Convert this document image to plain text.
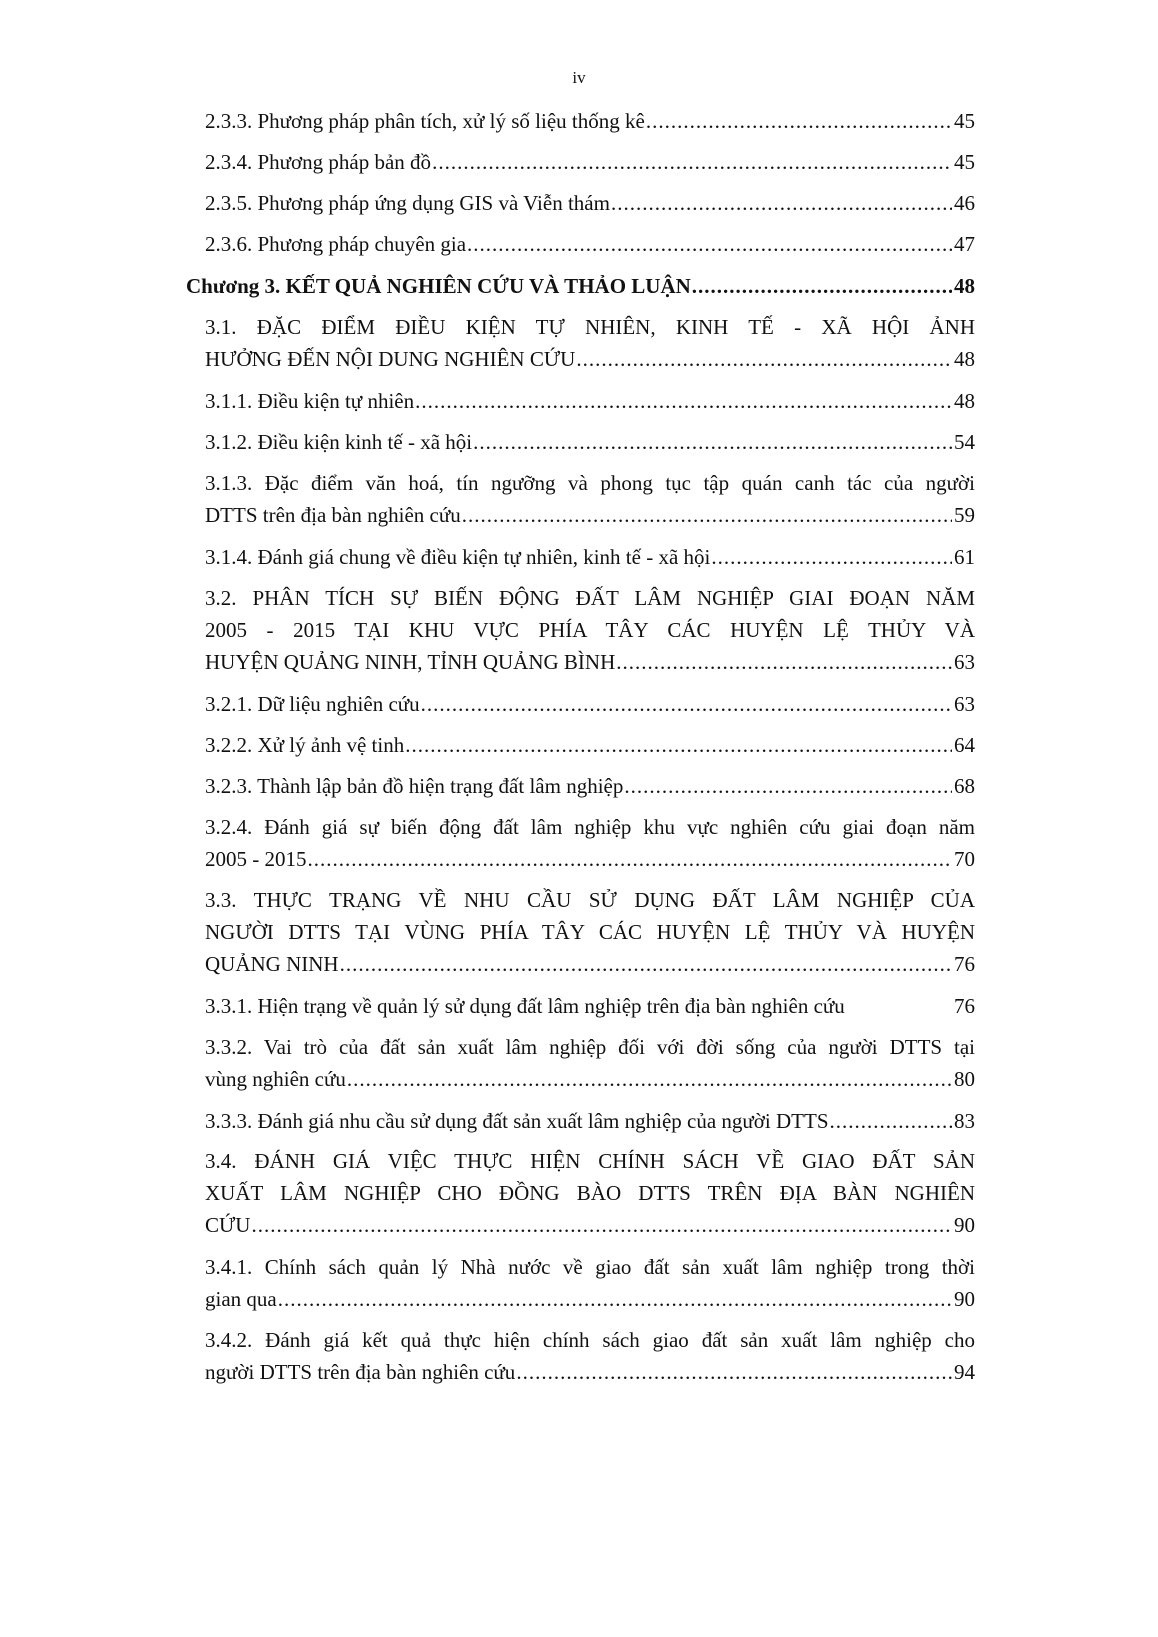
iv
2.3.3. Phương pháp phân tích, xử lý số liệu thống kê .....	45
2.3.4. Phương pháp bản đồ .....	45
2.3.5. Phương pháp ứng dụng GIS và Viễn thám .....	46
2.3.6. Phương pháp chuyên gia .....	47
Chương 3. KẾT QUẢ NGHIÊN CỨU VÀ THẢO LUẬN .....	48
3.1. ĐẶC ĐIỂM ĐIỀU KIỆN TỰ NHIÊN, KINH TẾ - XÃ HỘI ẢNH
HƯỞNG ĐẾN NỘI DUNG NGHIÊN CỨU .....	48
3.1.1. Điều kiện tự nhiên .....	48
3.1.2. Điều kiện kinh tế - xã hội .....	54
3.1.3. Đặc điểm văn hoá, tín ngưỡng và phong tục tập quán canh tác của người
DTTS trên địa bàn nghiên cứu .....	59
3.1.4. Đánh giá chung về điều kiện tự nhiên, kinh tế - xã hội .....	61
3.2. PHÂN TÍCH SỰ BIẾN ĐỘNG ĐẤT LÂM NGHIỆP GIAI ĐOẠN NĂM
2005 - 2015 TẠI KHU VỰC PHÍA TÂY CÁC HUYỆN LỆ THỦY VÀ
HUYỆN QUẢNG NINH, TỈNH QUẢNG BÌNH .....	63
3.2.1. Dữ liệu nghiên cứu .....	63
3.2.2. Xử lý ảnh vệ tinh .....	64
3.2.3. Thành lập bản đồ hiện trạng đất lâm nghiệp .....	68
3.2.4. Đánh giá sự biến động đất lâm nghiệp khu vực nghiên cứu giai đoạn năm
2005 - 2015 .....	70
3.3. THỰC TRẠNG VỀ NHU CẦU SỬ DỤNG ĐẤT LÂM NGHIỆP CỦA
NGƯỜI DTTS TẠI VÙNG PHÍA TÂY CÁC HUYỆN LỆ THỦY VÀ HUYỆN
QUẢNG NINH .....	76
3.3.1. Hiện trạng về quản lý sử dụng đất lâm nghiệp trên địa bàn nghiên cứu	76
3.3.2. Vai trò của đất sản xuất lâm nghiệp đối với đời sống của người DTTS tại
vùng nghiên cứu .....	80
3.3.3. Đánh giá nhu cầu sử dụng đất sản xuất lâm nghiệp của người DTTS .....	83
3.4. ĐÁNH GIÁ VIỆC THỰC HIỆN CHÍNH SÁCH VỀ GIAO ĐẤT SẢN
XUẤT LÂM NGHIỆP CHO ĐỒNG BÀO DTTS TRÊN ĐỊA BÀN NGHIÊN
CỨU .....	90
3.4.1. Chính sách quản lý Nhà nước về giao đất sản xuất lâm nghiệp trong thời
gian qua .....	90
3.4.2. Đánh giá kết quả thực hiện chính sách giao đất sản xuất lâm nghiệp cho
người DTTS trên địa bàn nghiên cứu .....	94
